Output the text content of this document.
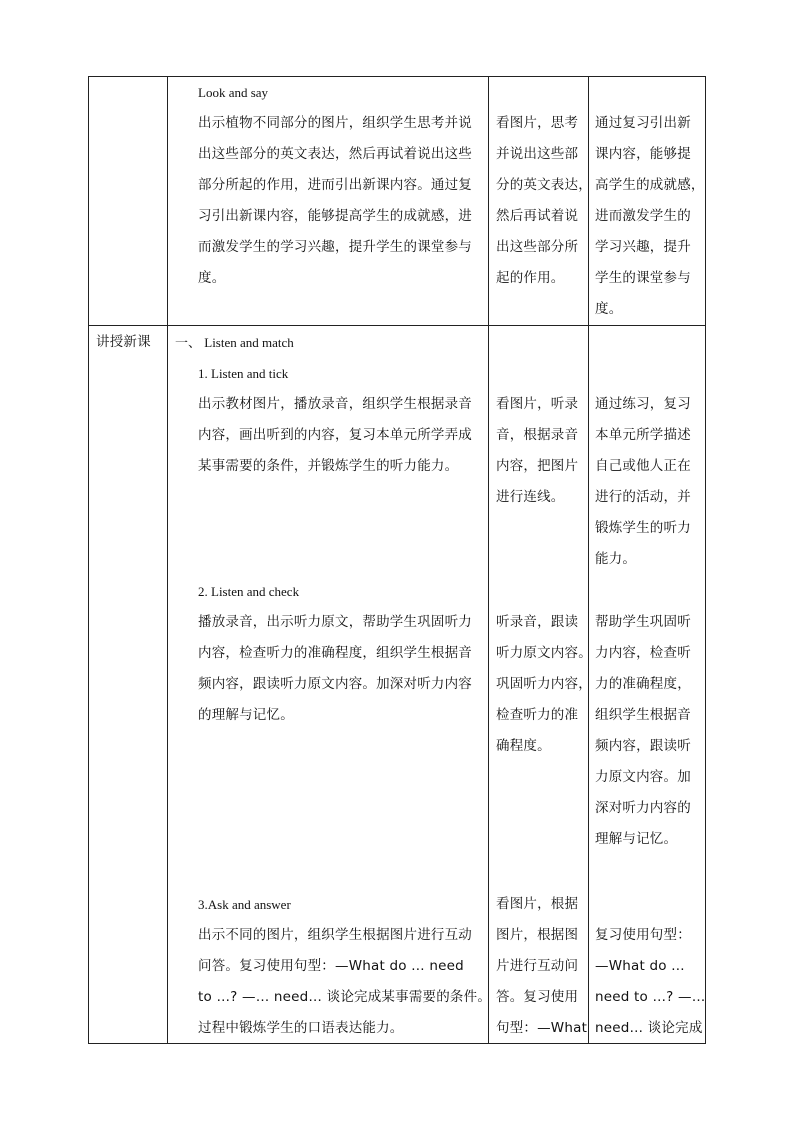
Look and say
出示植物不同部分的图片，组织学生思考并说
出这些部分的英文表达，然后再试着说出这些
部分所起的作用，进而引出新课内容。通过复
习引出新课内容，能够提高学生的成就感，进
而激发学生的学习兴趣，提升学生的课堂参与
度。
看图片，思考
并说出这些部
分的英文表达，
然后再试着说
出这些部分所
起的作用。
通过复习引出新
课内容，能够提
高学生的成就感，
进而激发学生的
学习兴趣，提升
学生的课堂参与
度。
讲授新课 一、 Listen and match
1. Listen and tick
出示教材图片，播放录音，组织学生根据录音
内容，画出听到的内容，复习本单元所学弄成
某事需要的条件，并锻炼学生的听力能力。
看图片，听录
音，根据录音
内容，把图片
进行连线。
通过练习，复习
本单元所学描述
自己或他人正在
进行的活动，并
锻炼学生的听力
能力。
2. Listen and check
播放录音，出示听力原文，帮助学生巩固听力
内容，检查听力的准确程度，组织学生根据音
频内容，跟读听力原文内容。加深对听力内容
的理解与记忆。
听录音，跟读
听力原文内容。
巩固听力内容，
检查听力的准
确程度。
帮助学生巩固听
力内容，检查听
力的准确程度，
组织学生根据音
频内容，跟读听
力原文内容。加
深对听力内容的
理解与记忆。
3.Ask and answer
出示不同的图片，组织学生根据图片进行互动
问答。复习使用句型：—What do … need
to …? —… need… 谈论完成某事需要的条件。
过程中锻炼学生的口语表达能力。
看图片，根据
图片，根据图
片进行互动问
答。复习使用
句型：—What
复习使用句型：
—What do …
need to …? —…
need… 谈论完成
